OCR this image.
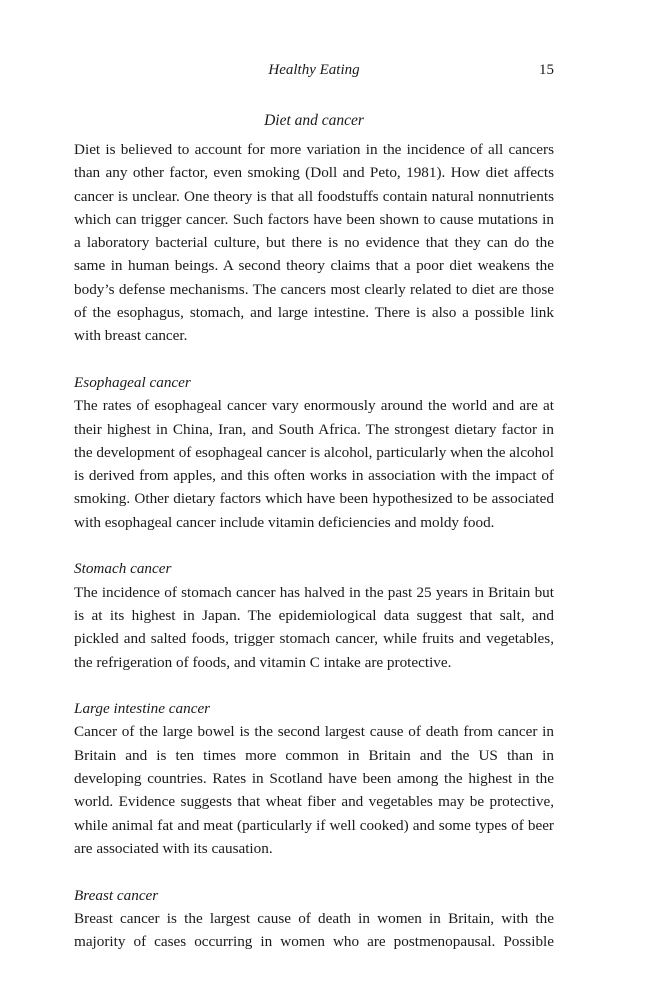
Healthy Eating	15
Diet and cancer

Diet is believed to account for more variation in the incidence of all cancers than any other factor, even smoking (Doll and Peto, 1981). How diet affects cancer is unclear. One theory is that all foodstuffs contain natural nonnutrients which can trigger cancer. Such factors have been shown to cause mutations in a laboratory bacterial culture, but there is no evidence that they can do the same in human beings. A second theory claims that a poor diet weakens the body’s defense mechanisms. The cancers most clearly related to diet are those of the esophagus, stomach, and large intestine. There is also a possible link with breast cancer.

Esophageal cancer

The rates of esophageal cancer vary enormously around the world and are at their highest in China, Iran, and South Africa. The strongest dietary factor in the development of esophageal cancer is alcohol, particularly when the alcohol is derived from apples, and this often works in association with the impact of smoking. Other dietary factors which have been hypothesized to be associated with esophageal cancer include vitamin deficiencies and moldy food.

Stomach cancer

The incidence of stomach cancer has halved in the past 25 years in Britain but is at its highest in Japan. The epidemiological data suggest that salt, and pickled and salted foods, trigger stomach cancer, while fruits and vegetables, the refrigeration of foods, and vitamin C intake are protective.

Large intestine cancer

Cancer of the large bowel is the second largest cause of death from cancer in Britain and is ten times more common in Britain and the US than in developing countries. Rates in Scotland have been among the highest in the world. Evidence suggests that wheat fiber and vegetables may be protective, while animal fat and meat (particularly if well cooked) and some types of beer are associated with its causation.

Breast cancer

Breast cancer is the largest cause of death in women in Britain, with the majority of cases occurring in women who are postmenopausal. Possible
